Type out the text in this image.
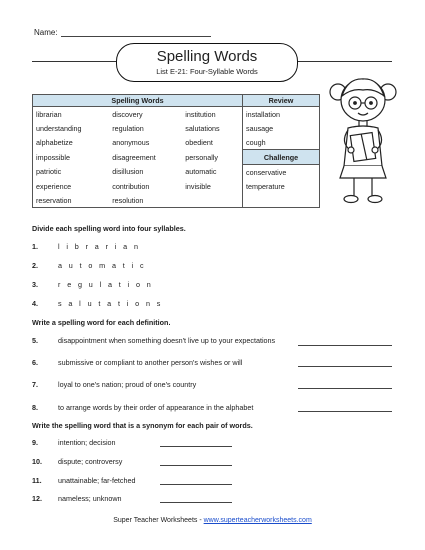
Name:
Spelling Words
List E-21: Four-Syllable Words
Spelling Words			Review
librarian	discovery	institution	installation
understanding	regulation	salutations	sausage
alphabetize	anonymous	obedient	cough
impossible	disagreement	personally	Challenge
patriotic	disillusion	automatic	conservative
experience	contribution	invisible	temperature
reservation	resolution		
Divide each spelling word into four syllables.
1.	l i b r a r i a n
2.	a u t o m a t i c
3.	r e g u l a t i o n
4.	s a l u t a t i o n s
Write a spelling word for each definition.
5.	disappointment when something doesn't live up to your expectations
6.	submissive or compliant to another person's wishes or will
7.	loyal to one's nation; proud of one's country
8.	to arrange words by their order of appearance in the alphabet
Write the spelling word that is a synonym for each pair of words.
9.	intention; decision
10. dispute; controversy
11. unattainable; far-fetched
12. nameless; unknown
Super Teacher Worksheets - www.superteacherworksheets.com
